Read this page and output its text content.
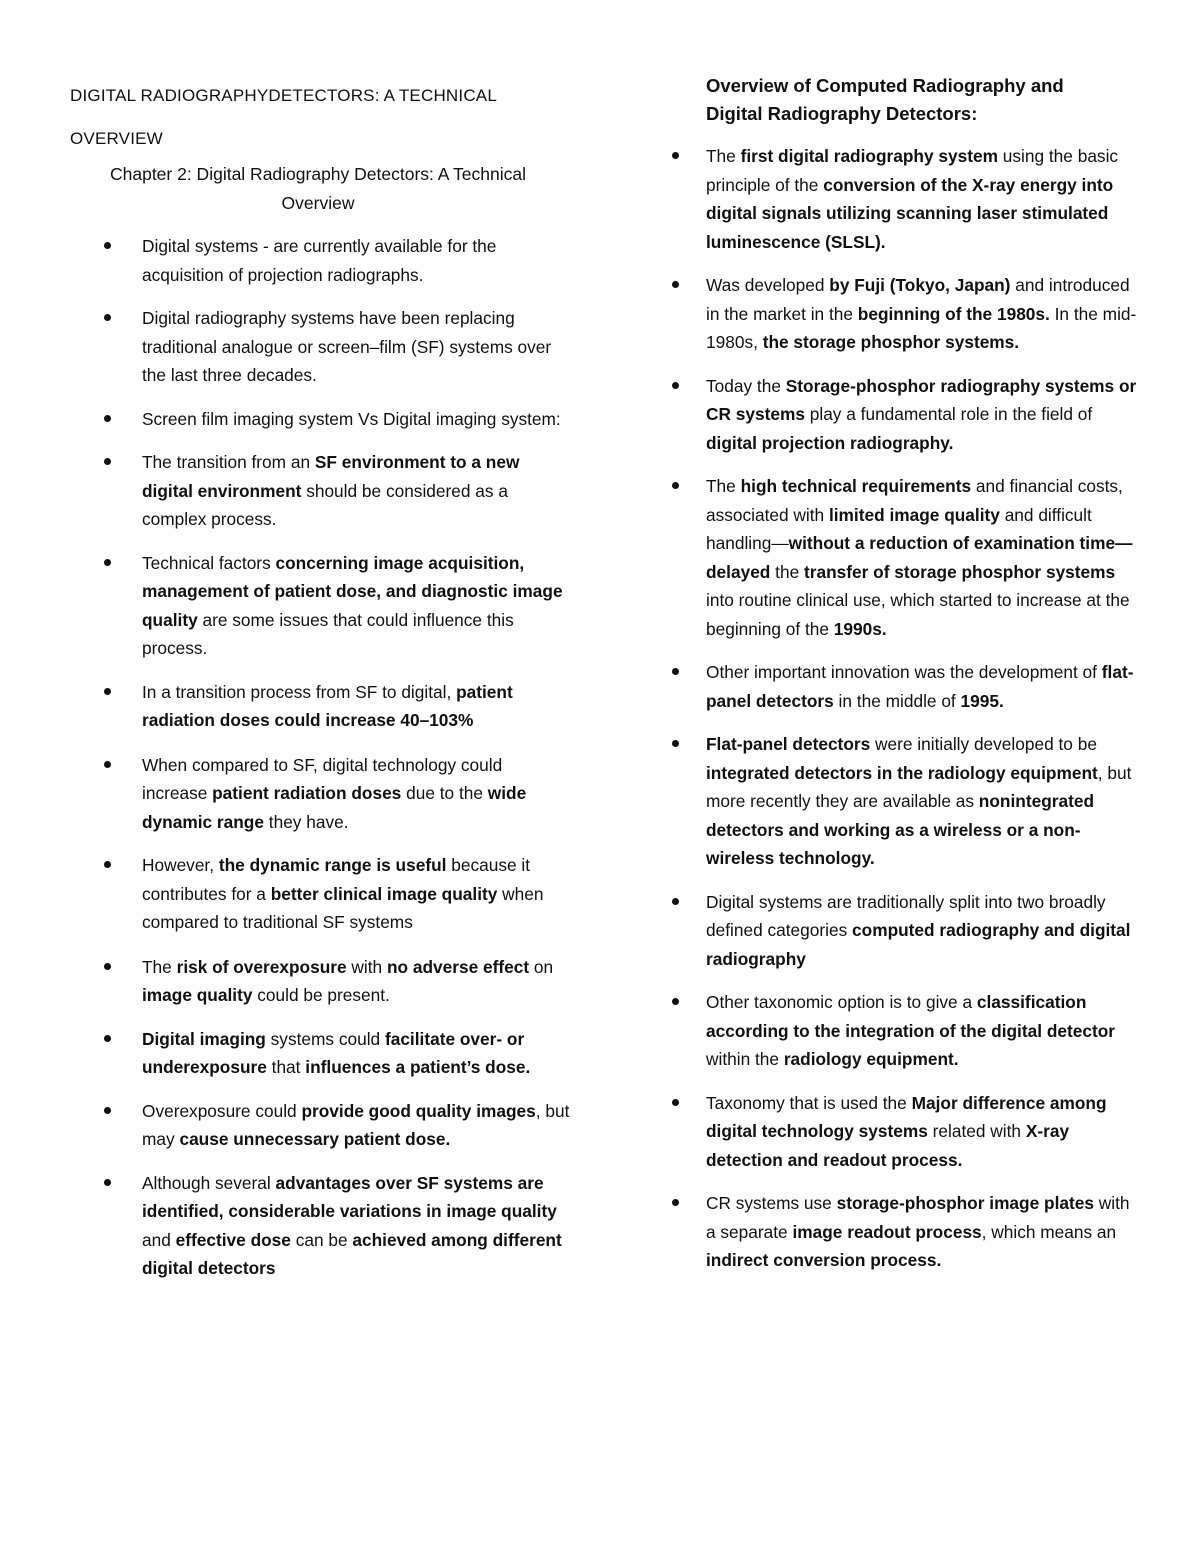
DIGITAL RADIOGRAPHYDETECTORS: A TECHNICAL
OVERVIEW
Chapter 2: Digital Radiography Detectors: A Technical
Overview
Digital systems - are currently available for the acquisition of projection radiographs.
Digital radiography systems have been replacing traditional analogue or screen–film (SF) systems over the last three decades.
Screen film imaging system Vs Digital imaging system:
The transition from an SF environment to a new digital environment should be considered as a complex process.
Technical factors concerning image acquisition, management of patient dose, and diagnostic image quality are some issues that could influence this process.
In a transition process from SF to digital, patient radiation doses could increase 40–103%
When compared to SF, digital technology could increase patient radiation doses due to the wide dynamic range they have.
However, the dynamic range is useful because it contributes for a better clinical image quality when compared to traditional SF systems
The risk of overexposure with no adverse effect on image quality could be present.
Digital imaging systems could facilitate over- or underexposure that influences a patient’s dose.
Overexposure could provide good quality images, but may cause unnecessary patient dose.
Although several advantages over SF systems are identified, considerable variations in image quality and effective dose can be achieved among different digital detectors
Overview of Computed Radiography and
Digital Radiography Detectors:
The first digital radiography system using the basic principle of the conversion of the X-ray energy into digital signals utilizing scanning laser stimulated luminescence (SLSL).
Was developed by Fuji (Tokyo, Japan) and introduced in the market in the beginning of the 1980s. In the mid-1980s, the storage phosphor systems.
Today the Storage-phosphor radiography systems or CR systems play a fundamental role in the field of digital projection radiography.
The high technical requirements and financial costs, associated with limited image quality and difficult handling—without a reduction of examination time—delayed the transfer of storage phosphor systems into routine clinical use, which started to increase at the beginning of the 1990s.
Other important innovation was the development of flat-panel detectors in the middle of 1995.
Flat-panel detectors were initially developed to be integrated detectors in the radiology equipment, but more recently they are available as nonintegrated detectors and working as a wireless or a non-wireless technology.
Digital systems are traditionally split into two broadly defined categories computed radiography and digital radiography
Other taxonomic option is to give a classification according to the integration of the digital detector within the radiology equipment.
Taxonomy that is used the Major difference among digital technology systems related with X-ray detection and readout process.
CR systems use storage-phosphor image plates with a separate image readout process, which means an indirect conversion process.
